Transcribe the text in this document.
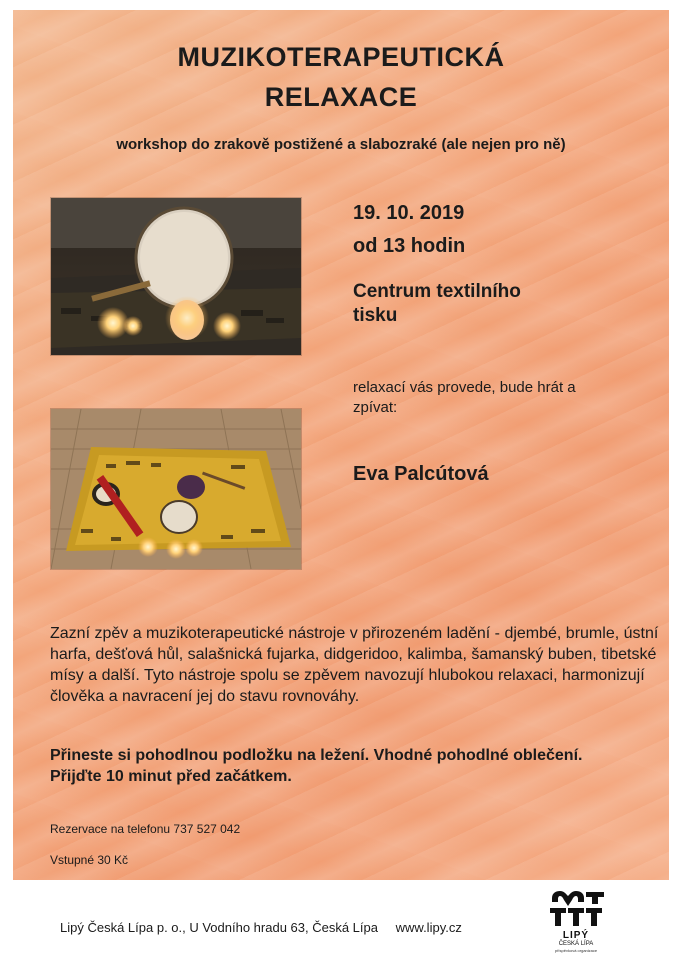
MUZIKOTERAPEUTICKÁ
RELAXACE
workshop do zrakově postižené a slabozraké (ale nejen pro ně)
19. 10. 2019
od 13 hodin
Centrum textilního
tisku
relaxací vás provede, bude hrát a
zpívat:
Eva Palcútová
Zazní zpěv a muzikoterapeutické nástroje v přirozeném ladění - djembé, brumle, ústní harfa, dešťová hůl, salašnická fujarka, didgeridoo, kalimba, šamanský buben, tibetské mísy a další. Tyto nástroje spolu se zpěvem navozují hlubokou relaxaci, harmonizují člověka a navracení jej do stavu rovnováhy.
Přineste si pohodlnou podložku na ležení. Vhodné pohodlné oblečení.
Přijďte 10 minut před začátkem.
Rezervace na telefonu 737 527 042
Vstupné 30 Kč
Lipý Česká Lípa p. o., U Vodního hradu 63, Česká Lípa www.lipy.cz
LIPÝ
ČESKÁ LÍPA
příspěvková organizace
